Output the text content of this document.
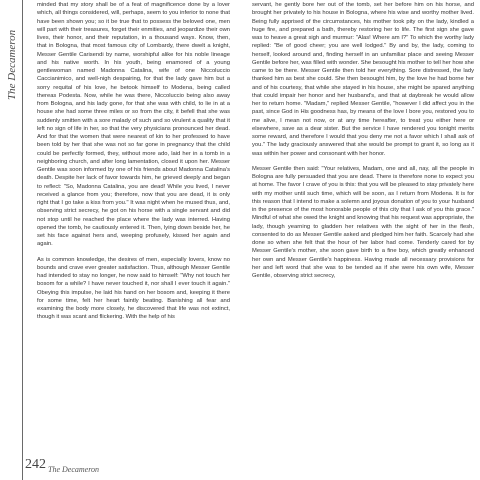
The Decameron

minded that my story shall be of a feat of magnificence done by a lover which, all things considered, will, perhaps, seem to you inferior to none that have been shown you; so it be true that to possess the beloved one, men will part with their treasures, forget their enmities, and jeopardize their own lives, their honor, and their reputation, in a thousand ways. Know, then, that in Bologna, that most famous city of Lombardy, there dwelt a knight, Messer Gentile Carisendi by name, worshipful alike for his noble lineage and his native worth. In his youth, being enamored of a young gentlewoman named Madonna Catalina, wife of one Niccoluccio Caccianimico, and well-nigh despairing, for that the lady gave him but a sorry requital of his love, he betook himself to Modena, being called thereas Podesta. Now, while he was there, Niccoluccio being also away from Bologna, and his lady gone, for that she was with child, to lie in at a house she had some three miles or so from the city, it befell that she was suddenly smitten with a sore malady of such and so virulent a quality that it left no sign of life in her, so that the very physicians pronounced her dead. And for that the women that were nearest of kin to her professed to have been told by her that she was not so far gone in pregnancy that the child could be perfectly formed, they, without more ado, laid her in a tomb in a neighboring church, and after long lamentation, closed it upon her. Messer Gentile was soon informed by one of his friends about Madonna Catalina's death. Despite her lack of favor towards him, he grieved deeply and began to reflect: "So, Madonna Catalina, you are dead! While you lived, I never received a glance from you; therefore, now that you are dead, it is only right that I go take a kiss from you." It was night when he mused thus, and, observing strict secrecy, he got on his horse with a single servant and did not stop until he reached the place where the lady was interred. Having opened the tomb, he cautiously entered it. Then, lying down beside her, he set his face against hers and, weeping profusely, kissed her again and again.

As is common knowledge, the desires of men, especially lovers, know no bounds and crave ever greater satisfaction. Thus, although Messer Gentile had intended to stay no longer, he now said to himself: "Why not touch her bosom for a while? I have never touched it, nor shall I ever touch it again." Obeying this impulse, he laid his hand on her bosom and, keeping it there for some time, felt her heart faintly beating. Banishing all fear and examining the body more closely, he discovered that life was not extinct, though it was scant and flickering. With the help of his

servant, he gently bore her out of the tomb, set her before him on his horse, and brought her privately to his house in Bologna, where his wise and worthy mother lived. Being fully apprised of the circumstances, his mother took pity on the lady, kindled a huge fire, and prepared a bath, thereby restoring her to life. The first sign she gave was to heave a great sigh and murmur: "Alas! Where am I?" To which the worthy lady replied: "Be of good cheer; you are well lodged." By and by, the lady, coming to herself, looked around and, finding herself in an unfamiliar place and seeing Messer Gentile before her, was filled with wonder. She besought his mother to tell her how she came to be there. Messer Gentile then told her everything. Sore distressed, the lady thanked him as best she could. She then besought him, by the love he had borne her and of his courtesy, that while she stayed in his house, she might be spared anything that could impair her honor and her husband's, and that at daybreak he would allow her to return home. "Madam," replied Messer Gentile, "however I did affect you in the past, since God in His goodness has, by means of the love I bore you, restored you to me alive, I mean not now, or at any time hereafter, to treat you either here or elsewhere, save as a dear sister. But the service I have rendered you tonight merits some reward, and therefore I would that you deny me not a favor which I shall ask of you." The lady graciously answered that she would be prompt to grant it, so long as it was within her power and consonant with her honor.

Messer Gentile then said: "Your relatives, Madam, one and all, nay, all the people in Bologna are fully persuaded that you are dead. There is therefore none to expect you at home. The favor I crave of you is this: that you will be pleased to stay privately here with my mother until such time, which will be soon, as I return from Modena. It is for this reason that I intend to make a solemn and joyous donation of you to your husband in the presence of the most honorable people of this city that I ask of you this grace." Mindful of what she owed the knight and knowing that his request was appropriate, the lady, though yearning to gladden her relatives with the sight of her in the flesh, consented to do as Messer Gentile asked and pledged him her faith. Scarcely had she done so when she felt that the hour of her labor had come. Tenderly cared for by Messer Gentile's mother, she soon gave birth to a fine boy, which greatly enhanced her own and Messer Gentile's happiness. Having made all necessary provisions for her and left word that she was to be tended as if she were his own wife, Messer Gentile, observing strict secrecy,

242 $_{The Decameron}$
